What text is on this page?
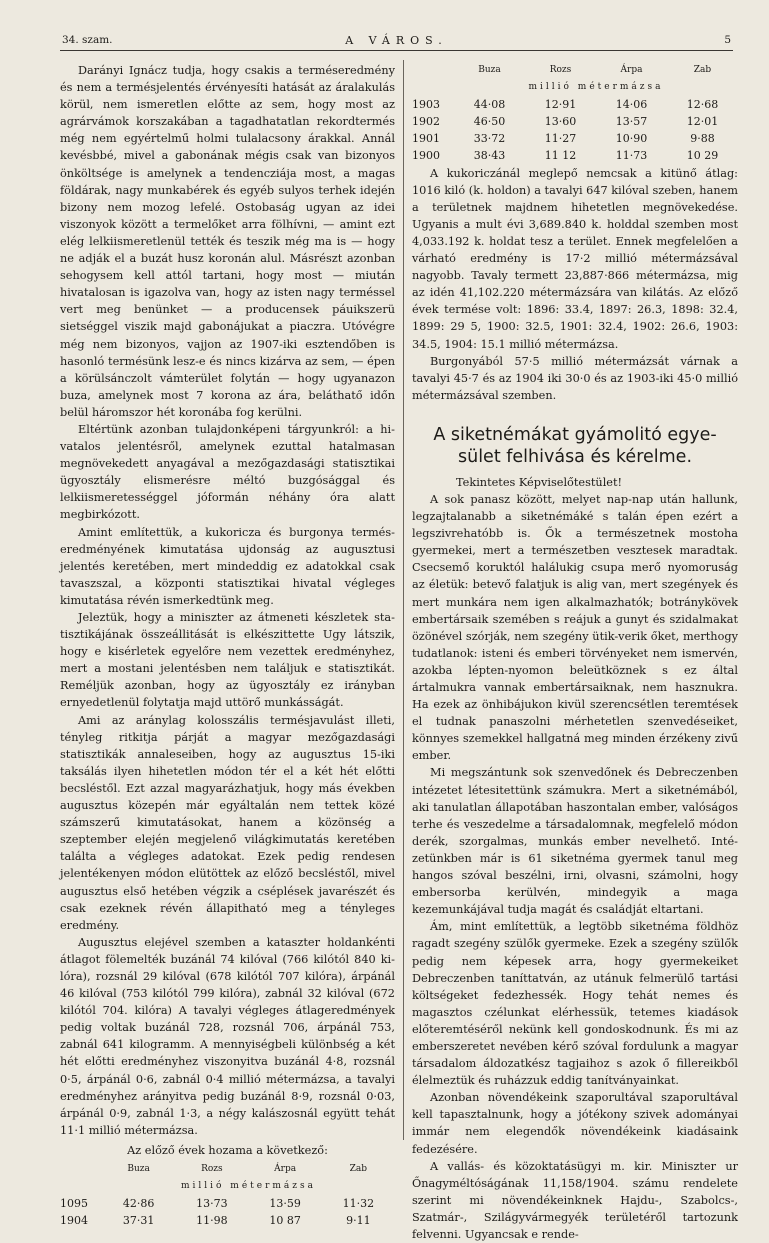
34. szam.	A VÁROS.	5

Darányi Ignácz tudja, hogy csakis a terméseredmény és nem a termésjelentés érvényesíti hatását az áralakulás körül, nem ismeretlen előtte az sem, hogy most az agrárvámok korszakában a tagadhatatlan rekordtermés még nem egyértelmű holmi tulalacsony árakkal. Annál kevésbbé, mivel a gabonának mégis csak van bizonyos önköltsége is amelynek a tendencziája most, a magas földárak, nagy munkabérek és egyéb sulyos terhek idején bizony nem mozog lefelé. Ostobaság ugyan az idei viszonyok között a termelőket arra fölhívni, — amint ezt elég lelkiismeretlenül tették és teszik még ma is — hogy ne adják el a buzát husz koronán alul. Másrészt azonban sehogysem kell attól tartani, hogy most — miután hivatalosan is igazolva van, hogy az isten nagy terméssel vert meg benünket — a producensek páuikszerü sietséggel viszik majd gabonájukat a piaczra. Utóvégre még nem bizonyos, vajjon az 1907-iki esztendőben is hasonló termésünk lesz-e és nincs kizárva az sem, — épen a körülsánczolt vámterület folytán — hogy ugyanazon buza, amelynek most 7 korona az ára, beláthatő időn belül háromszor hét koronába fog kerülni.

Eltértünk azonban tulajdonképeni tárgyunkról: a hivatalos jelentésről, amelynek ezuttal hatalmasan megnövekedett anyagával a mezőgazdasági statisztikai ügyosztály elismerésre méltó buzgósággal és lelkiismeretességgel jóformán néhány óra alatt megbirkózott.

Amint említettük, a kukoricza és burgonya terméseredményének kimutatása ujdonság az augusztusi jelentés keretében, mert mindeddig ez adatokkal csak tavaszszal, a központi statisztikai hivatal végleges kimutatása révén ismerkedtünk meg.

Jeleztük, hogy a miniszter az átmeneti készletek statisztikájának összeállitását is elkészittette Ugy látszik, hogy e kisérletek egyelőre nem vezettek eredményhez, mert a mostani jelentésben nem találjuk e statisztikát. Reméljük azonban, hogy az ügyosztály ez irányban ernyedetlenül folytatja majd uttörő munkásságát.

Ami az aránylag kolosszális termésjavulást illeti, tényleg ritkitja párját a magyar mezőgazdasági statisztikák annaleseiben, hogy az augusztus 15-iki taksálás ilyen hihetetlen módon tér el a két hét előtti becsléstől. Ezt azzal magyarázhatjuk, hogy más években augusztus közepén már egyáltalán nem tettek közé számszerű kimutatásokat, hanem a közönség a szeptember elején megjelenő világkimutatás keretében találta a végleges adatokat. Ezek pedig rendesen jelentékenyen módon elütöttek az előző becsléstől, mivel augusztus első hetében végzik a cséplések javarészét és csak ezeknek révén állapitható meg a tényleges eredmény.

Augusztus elejével szemben a kataszter holdankénti átlagot fölemelték buzánál 74 kilóval (766 kilótól 840 kilóra), rozsnál 29 kilóval (678 kilótól 707 kilóra), árpánál 46 kilóval (753 kilótól 799 kilóra), zabnál 32 kilóval (672 kilótól 704. kilóra) A tavalyi végleges átlageredmények pedig voltak buzánál 728, rozsnál 706, árpánál 753, zabnál 641 kilogramm. A mennyiségbeli különbség a két hét előtti eredményhez viszonyitva buzánál 4·8, rozsnál 0·5, árpánál 0·6, zabnál 0·4 millió métermázsa, a tavalyi eredményhez arányitva pedig buzánál 8·9, rozsnál 0·03, árpánál 0·9, zabnál 1·3, a négy kalászosnál együtt tehát 11·1 millió métermázsa.

Az előző évek hozama a következő:

	Buza	Rozs	Árpa	Zab
	millió métermázsa			
1095	42·86	13·73	13·59	11·32
1904	37·31	11·98	10 87	9·11
	Buza	Rozs	Árpa	Zab
	millió métermázsa			
1903	44·08	12·91	14·06	12·68
1902	46·50	13·60	13·57	12·01
1901	33·72	11·27	10·90	9·88
1900	38·43	11 12	11·73	10 29

A kukoriczánál meglepő nemcsak a kitünő átlag: 1016 kiló (k. holdon) a tavalyi 647 kilóval szeben, hanem a területnek majdnem hihetetlen megnövekedése. Ugyanis a mult évi 3,689.840 k. holddal szemben most 4,033.192 k. holdat tesz a terület. Ennek megfelelően a várható eredmény is 17·2 millió métermázsával nagyobb. Tavaly termett 23,887·866 métermázsa, mig az idén 41,102.220 métermázsára van kilátás. Az előző évek termése volt: 1896: 33.4, 1897: 26.3, 1898: 32.4, 1899: 29 5, 1900: 32.5, 1901: 32.4, 1902: 26.6, 1903: 34.5, 1904: 15.1 millió métermázsa.

Burgonyából 57·5 millió métermázsát várnak a tavalyi 45·7 és az 1904 iki 30·0 és az 1903-iki 45·0 millió métermázsával szemben.

A siketnémákat gyámolitó egye-
sület felhivása és kérelme.

Tekintetes Képviselőtestület!

A sok panasz között, melyet nap-nap után hallunk, legzajtalanabb a siketnémáké s talán épen ezért a legszivrehatóbb is. Ők a természetnek mostoha gyermekei, mert a természetben vesztesek maradtak. Csecsemő koruktól halálukig csupa merő nyomoruság az életük: betevő falatjuk is alig van, mert szegények és mert munkára nem igen alkalmazhatók; botránykövek embertársaik szemében s reájuk a gunyt és szidalmakat özönével szórják, nem szegény ütik-verik őket, merthogy tudatlanok: isteni és emberi törvényeket nem ismervén, azokba lépten-nyomon beleütköznek s ez által ártalmukra vannak embertársaiknak, nem hasznukra. Ha ezek az önhibájukon kivül szerencsétlen teremtések el tudnak panaszolni mérhetetlen szenvedéseiket, könnyes szemekkel hallgatná meg minden érzékeny zivű ember.

Mi megszántunk sok szenvedőnek és Debreczenben intézetet létesitettünk számukra. Mert a siketnémából, aki tanulatlan állapotában haszontalan ember, valóságos terhe és veszedelme a társadalomnak, megfelelő módon derék, szorgalmas, munkás ember nevelhető. Intézetünkben már is 61 siketnéma gyermek tanul meg hangos szóval beszélni, irni, olvasni, számolni, hogy embersorba kerülvén, mindegyik a maga kezemunkájával tudja magát és családját eltartani.

Ám, mint említettük, a legtöbb siketnéma földhöz ragadt szegény szülők gyermeke. Ezek a szegény szülők pedig nem képesek arra, hogy gyermekeiket Debreczenben taníttatván, az utánuk felmerülő tartási költségeket fedezhessék. Hogy tehát nemes és magasztos czélunkat elérhessük, tetemes kiadások előteremtéséről nekünk kell gondoskodnunk. És mi az emberszeretet nevében kérő szóval fordulunk a magyar társadalom áldozatkész tagjaihoz s azok ő fillereikből élelmeztük és ruházzuk eddig tanítványainkat.

Azonban növendékeink szaporultával szaporultával kell tapasztalnunk, hogy a jótékony szivek adományai immár nem elegendők növendékeink kiadásaink fedezésére.

A vallás- és közoktatásügyi m. kir. Miniszter ur Őnagyméltóságának 11,158/1904. számu rendelete szerint mi növendékeinknek Hajdu-, Szabolcs-, Szatmár-, Szilágyvármegyék területéről tartozunk felvenni. Ugyancsak e rende-
